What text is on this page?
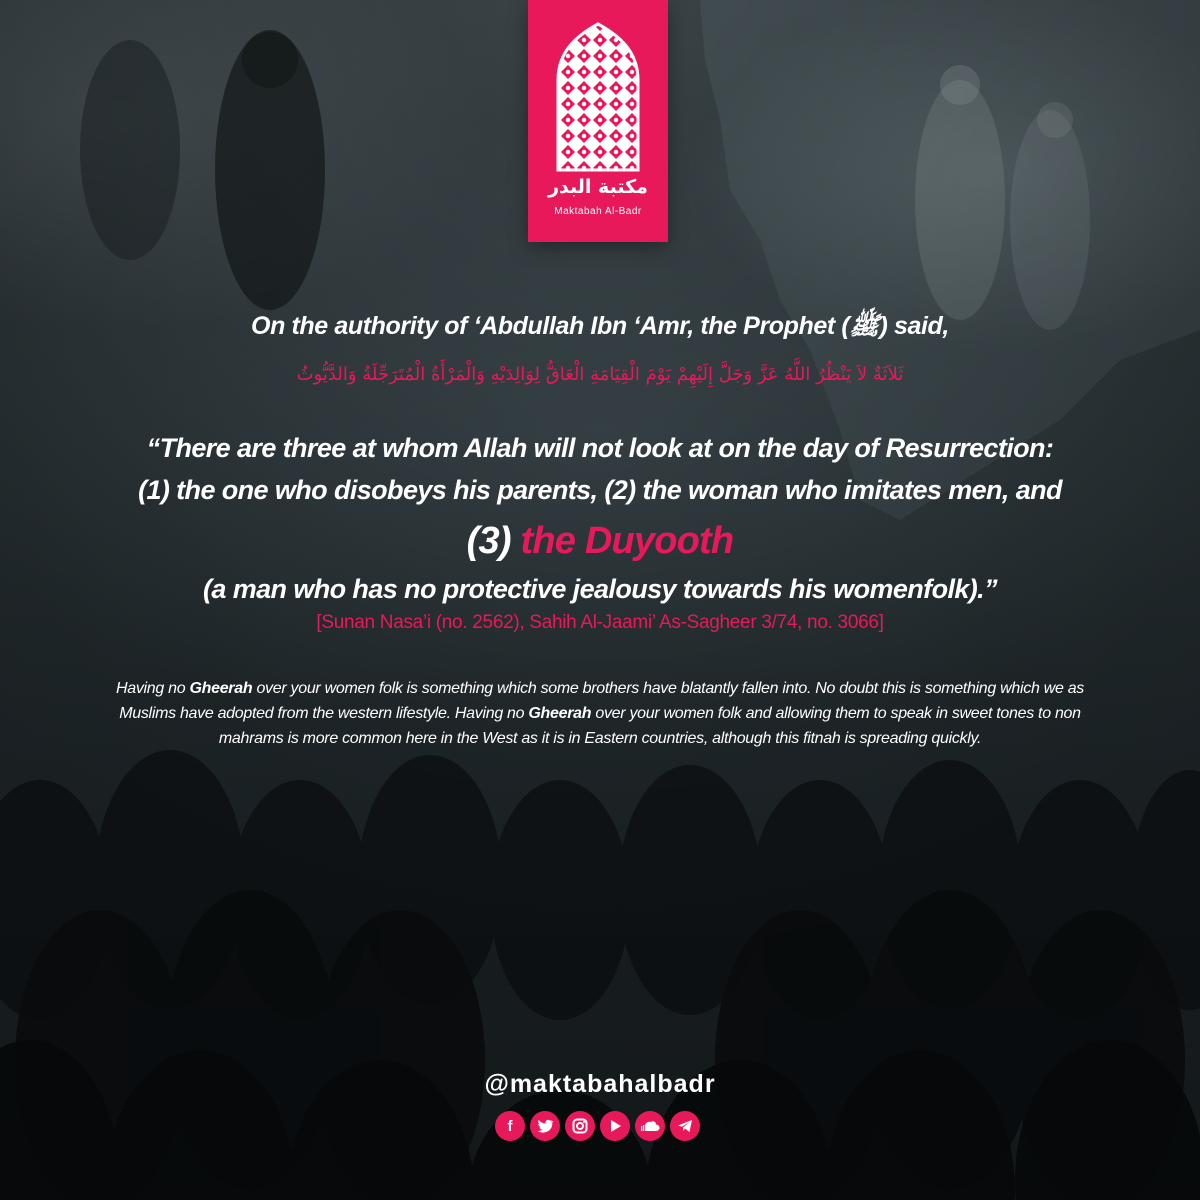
مكتبة البدر
Maktabah Al-Badr
On the authority of ‘Abdullah Ibn ‘Amr, the Prophet (ﷺ) said,
ثَلاَثَةٌ لاَ يَنْظُرُ اللَّهُ عَزَّ وَجَلَّ إِلَيْهِمْ يَوْمَ الْقِيَامَةِ الْعَاقُّ لِوَالِدَيْهِ وَالْمَرْأَةُ الْمُتَرَجِّلَةُ وَالدَّيُّوثُ
“There are three at whom Allah will not look at on the day of Resurrection:
(1) the one who disobeys his parents, (2) the woman who imitates men, and
(3) the Duyooth
(a man who has no protective jealousy towards his womenfolk).”
[Sunan Nasa’i (no. 2562), Sahih Al-Jaami’ As-Sagheer 3/74, no. 3066]
Having no Gheerah over your women folk is something which some brothers have blatantly fallen into. No doubt this is something which we as Muslims have adopted from the western lifestyle. Having no Gheerah over your women folk and allowing them to speak in sweet tones to non mahrams is more common here in the West as it is in Eastern countries, although this fitnah is spreading quickly.
@maktabahalbadr
f
